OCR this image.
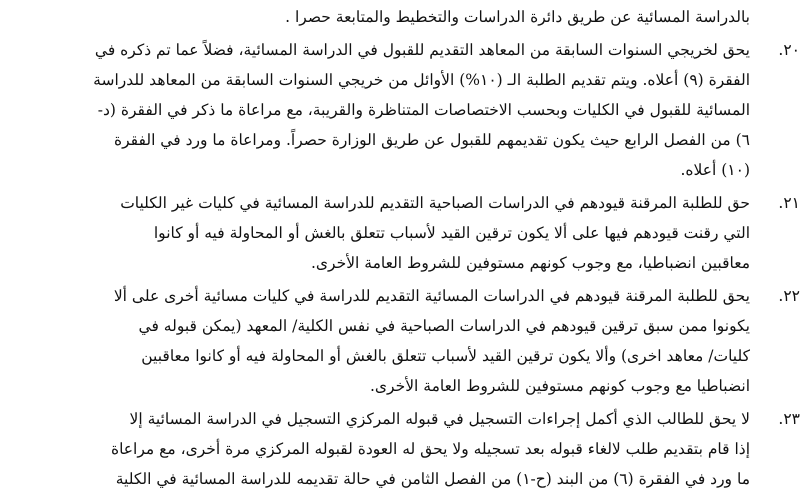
بالدراسة المسائية عن طريق دائرة الدراسات والتخطيط والمتابعة حصرا .
٢٠.يحق لخريجي السنوات السابقة من المعاهد التقديم للقبول في الدراسة المسائية، فضلاً عما تم ذكره في
الفقرة (٩) أعلاه. ويتم تقديم الطلبة الـ (١٠%) الأوائل من خريجي السنوات السابقة من المعاهد للدراسة
المسائية للقبول في الكليات وبحسب الاختصاصات المتناظرة والقريبة، مع مراعاة ما ذكر في الفقرة (د-
٦) من الفصل الرابع حيث يكون تقديمهم للقبول عن طريق الوزارة حصراً. ومراعاة ما ورد في الفقرة
(١٠) أعلاه.
٢١.حق للطلبة المرقنة قيودهم في الدراسات الصباحية التقديم للدراسة المسائية في كليات غير الكليات
التي رقنت قيودهم فيها على ألا يكون ترقين القيد لأسباب تتعلق بالغش أو المحاولة فيه أو كانوا
معاقبين انضباطيا، مع وجوب كونهم مستوفين للشروط العامة الأخرى.
٢٢.يحق للطلبة المرقنة قيودهم في الدراسات المسائية التقديم للدراسة في كليات مسائية أخرى على ألا
يكونوا ممن سبق ترقين قيودهم في الدراسات الصباحية في نفس الكلية/ المعهد (يمكن قبوله في
كليات/ معاهد اخرى) وألا يكون ترقين القيد لأسباب تتعلق بالغش أو المحاولة فيه أو كانوا معاقبين
انضباطيا مع وجوب كونهم مستوفين للشروط العامة الأخرى.
٢٣.لا يحق للطالب الذي أكمل إجراءات التسجيل في قبوله المركزي التسجيل في الدراسة المسائية إلا
إذا قام بتقديم طلب لالغاء قبوله بعد تسجيله ولا يحق له العودة لقبوله المركزي مرة أخرى، مع مراعاة
ما ورد في الفقرة (٦) من البند (ح-١) من الفصل الثامن في حالة تقديمه للدراسة المسائية في الكلية
